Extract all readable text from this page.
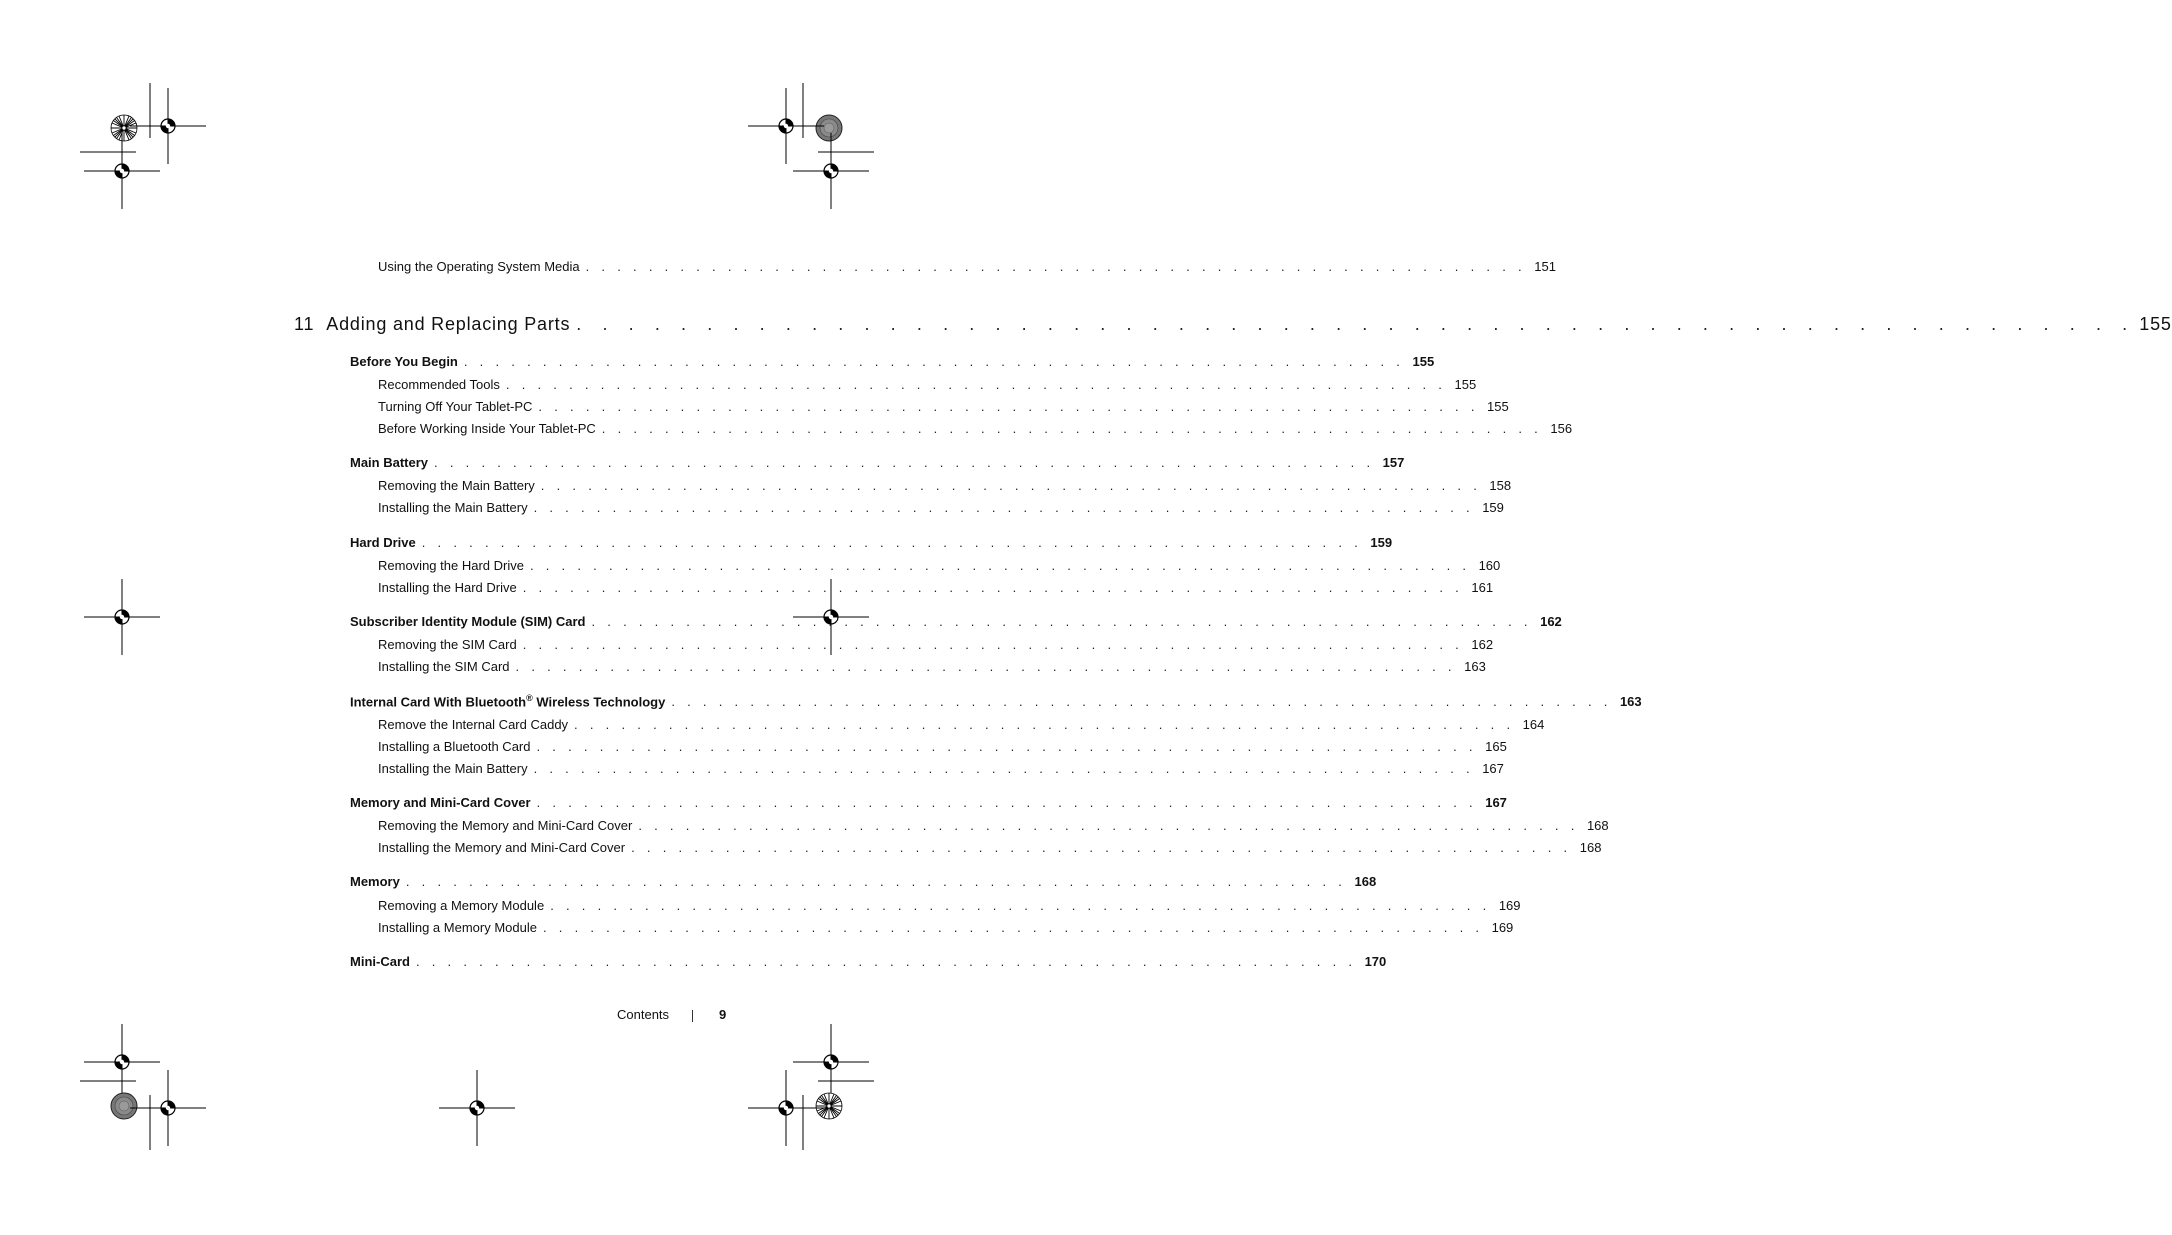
Using the Operating System Media . . . . . . . . . . . . . . . . . . . . . . . . . . . . . . . . . . . . . . . . . . . . . . . . . . . . . . . . . . . . 151
11 Adding and Replacing Parts . . . . . . . . . . . . . . . . . . . . . . . . . . . . . . . . . . . . . . . . . . . . . . . . . . . . . . . . . . . . 155
Before You Begin . . . . . . . . . . . . . . . . . . . . . . . . . . . . . . . . . . . . . . . . . . . . . . . . . . . . . . . . . . . . 155
Recommended Tools . . . . . . . . . . . . . . . . . . . . . . . . . . . . . . . . . . . . . . . . . . . . . . . . . . . . . . . . . . . . 155
Turning Off Your Tablet-PC . . . . . . . . . . . . . . . . . . . . . . . . . . . . . . . . . . . . . . . . . . . . . . . . . . . . . . . . . . . . 155
Before Working Inside Your Tablet-PC . . . . . . . . . . . . . . . . . . . . . . . . . . . . . . . . . . . . . . . . . . . . . . . . . . . . . . . . . . . . 156
Main Battery . . . . . . . . . . . . . . . . . . . . . . . . . . . . . . . . . . . . . . . . . . . . . . . . . . . . . . . . . . . . 157
Removing the Main Battery . . . . . . . . . . . . . . . . . . . . . . . . . . . . . . . . . . . . . . . . . . . . . . . . . . . . . . . . . . . . 158
Installing the Main Battery . . . . . . . . . . . . . . . . . . . . . . . . . . . . . . . . . . . . . . . . . . . . . . . . . . . . . . . . . . . . 159
Hard Drive . . . . . . . . . . . . . . . . . . . . . . . . . . . . . . . . . . . . . . . . . . . . . . . . . . . . . . . . . . . . 159
Removing the Hard Drive . . . . . . . . . . . . . . . . . . . . . . . . . . . . . . . . . . . . . . . . . . . . . . . . . . . . . . . . . . . . 160
Installing the Hard Drive . . . . . . . . . . . . . . . . . . . . . . . . . . . . . . . . . . . . . . . . . . . . . . . . . . . . . . . . . . . . 161
Subscriber Identity Module (SIM) Card . . . . . . . . . . . . . . . . . . . . . . . . . . . . . . . . . . . . . . . . . . . . . . . . . . . . . . . . . . . . 162
Removing the SIM Card . . . . . . . . . . . . . . . . . . . . . . . . . . . . . . . . . . . . . . . . . . . . . . . . . . . . . . . . . . . . 162
Installing the SIM Card . . . . . . . . . . . . . . . . . . . . . . . . . . . . . . . . . . . . . . . . . . . . . . . . . . . . . . . . . . . . 163
Internal Card With Bluetooth® Wireless Technology . . . . . . . . . . . . . . . . . . . . . . . . . . . . . . . . . . . . . . . . . . . . . . . . . . . . . . . . . . . . 163
Remove the Internal Card Caddy . . . . . . . . . . . . . . . . . . . . . . . . . . . . . . . . . . . . . . . . . . . . . . . . . . . . . . . . . . . . 164
Installing a Bluetooth Card . . . . . . . . . . . . . . . . . . . . . . . . . . . . . . . . . . . . . . . . . . . . . . . . . . . . . . . . . . . . 165
Installing the Main Battery . . . . . . . . . . . . . . . . . . . . . . . . . . . . . . . . . . . . . . . . . . . . . . . . . . . . . . . . . . . . 167
Memory and Mini-Card Cover . . . . . . . . . . . . . . . . . . . . . . . . . . . . . . . . . . . . . . . . . . . . . . . . . . . . . . . . . . . . 167
Removing the Memory and Mini-Card Cover . . . . . . . . . . . . . . . . . . . . . . . . . . . . . . . . . . . . . . . . . . . . . . . . . . . . . . . . . . . . 168
Installing the Memory and Mini-Card Cover . . . . . . . . . . . . . . . . . . . . . . . . . . . . . . . . . . . . . . . . . . . . . . . . . . . . . . . . . . . . 168
Memory . . . . . . . . . . . . . . . . . . . . . . . . . . . . . . . . . . . . . . . . . . . . . . . . . . . . . . . . . . . . 168
Removing a Memory Module . . . . . . . . . . . . . . . . . . . . . . . . . . . . . . . . . . . . . . . . . . . . . . . . . . . . . . . . . . . . 169
Installing a Memory Module . . . . . . . . . . . . . . . . . . . . . . . . . . . . . . . . . . . . . . . . . . . . . . . . . . . . . . . . . . . . 169
Mini-Card . . . . . . . . . . . . . . . . . . . . . . . . . . . . . . . . . . . . . . . . . . . . . . . . . . . . . . . . . . . . 170
Contents	9
